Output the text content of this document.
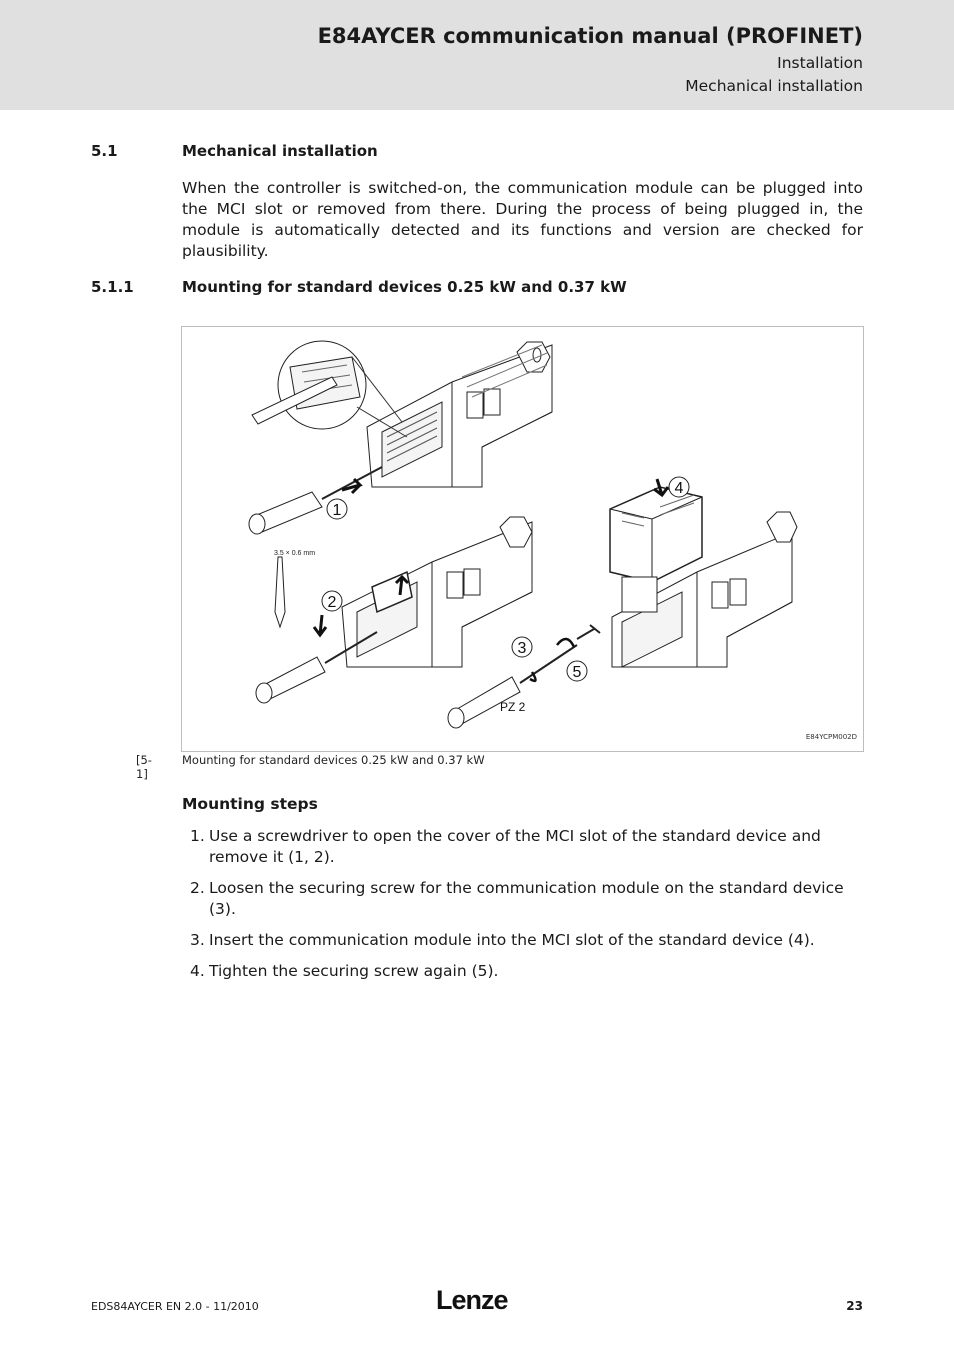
E84AYCER communication manual (PROFINET)
Installation
Mechanical installation
5.1	Mechanical installation
When the controller is switched-on, the communication module can be plugged into the MCI slot or removed from there. During the process of being plugged in, the module is automatically detected and its functions and version are checked for plausibility.
5.1.1	Mounting for standard devices 0.25 kW and 0.37 kW
1
3.5 × 0.6 mm
2
4
PZ 2
3
5
E84YCPM002D
[5-1]
Mounting for standard devices 0.25 kW and 0.37 kW
Mounting steps
1. Use a screwdriver to open the cover of the MCI slot of the standard device and remove it (1, 2).
2. Loosen the securing screw for the communication module on the standard device (3).
3. Insert the communication module into the MCI slot of the standard device (4).
4. Tighten the securing screw again (5).
EDS84AYCER EN 2.0 - 11/2010	Lenze	23
